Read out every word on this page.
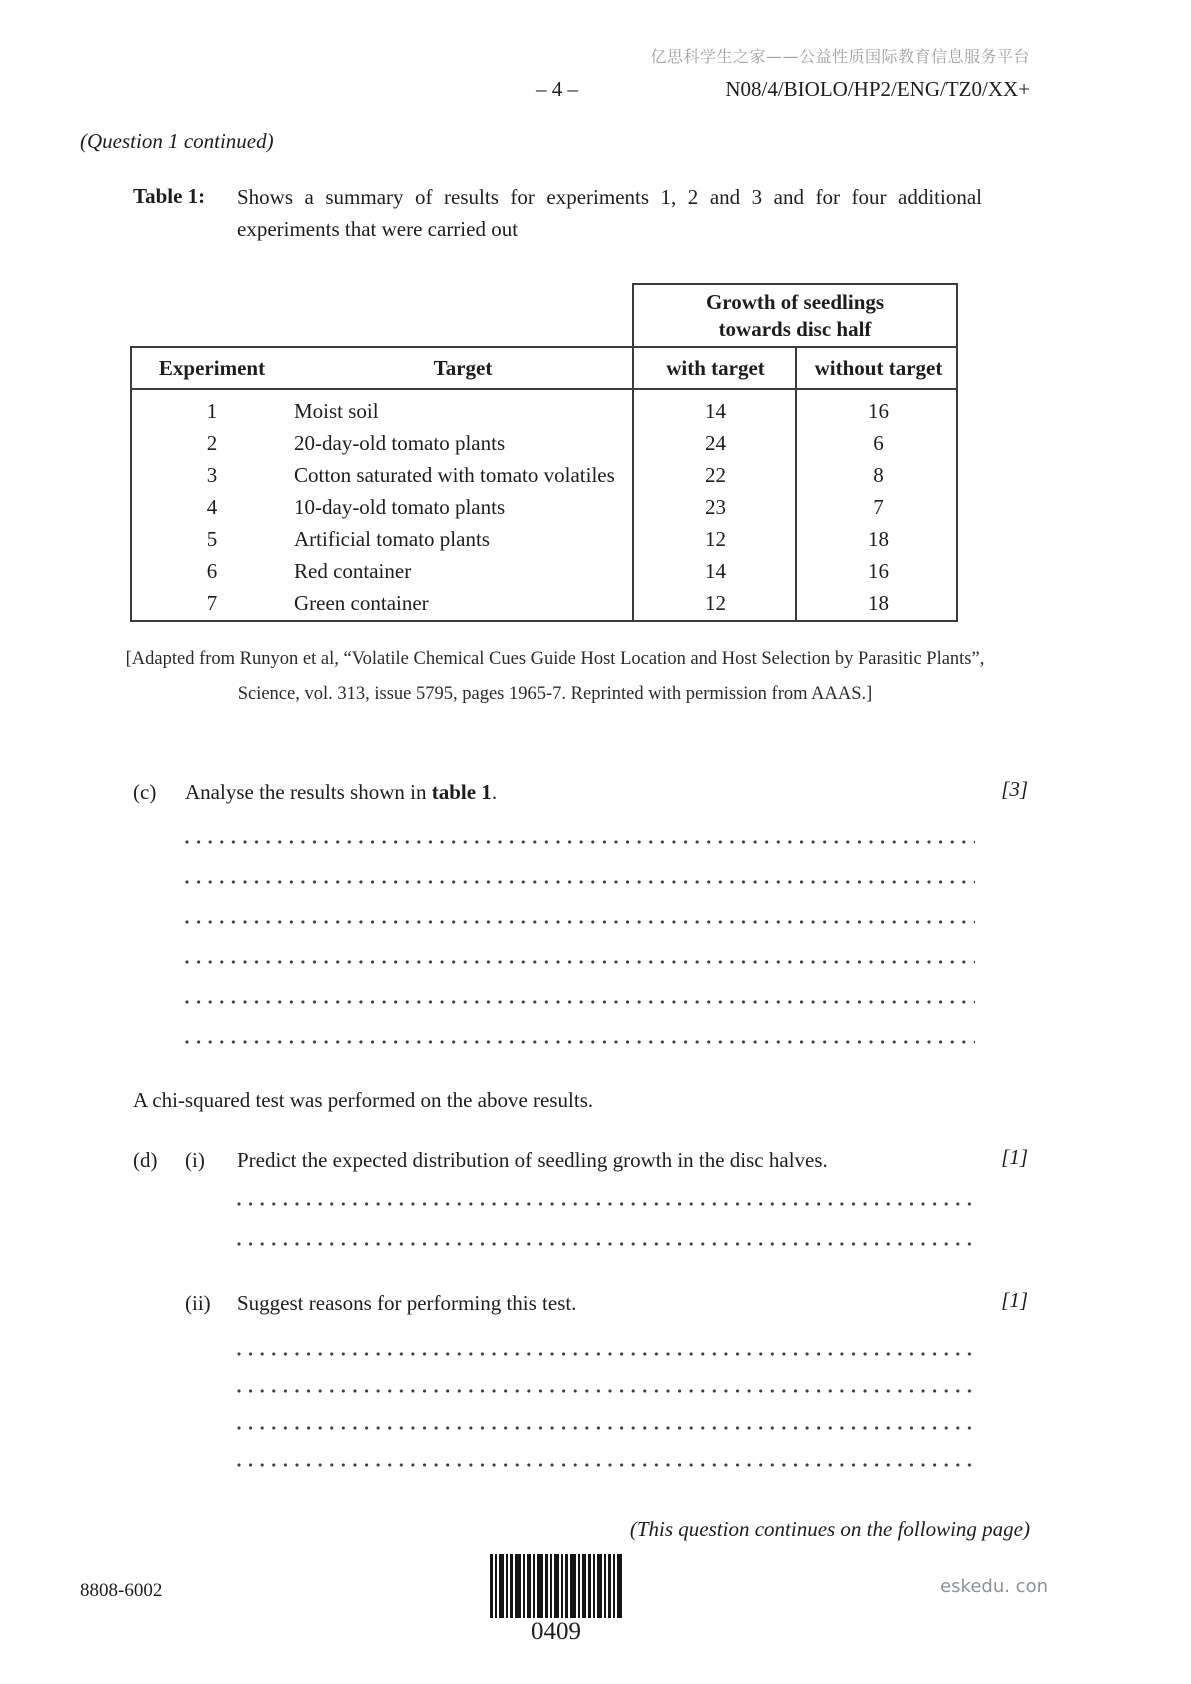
亿思科学生之家——公益性质国际教育信息服务平台
– 4 –	N08/4/BIOLO/HP2/ENG/TZ0/XX+
(Question 1 continued)
Table 1: Shows a summary of results for experiments 1, 2 and 3 and for four additional experiments that were carried out
Growth of seedlings
towards disc half
Experiment	Target	with target	without target
1	Moist soil	14	16
2	20-day-old tomato plants	24	6
3	Cotton saturated with tomato volatiles	22	8
4	10-day-old tomato plants	23	7
5	Artificial tomato plants	12	18
6	Red container	14	16
7	Green container	12	18
[Adapted from Runyon et al, “Volatile Chemical Cues Guide Host Location and Host Selection by Parasitic Plants”,
Science, vol. 313, issue 5795, pages 1965-7. Reprinted with permission from AAAS.]
(c) Analyse the results shown in table 1.	[3]
A chi-squared test was performed on the above results.
(d) (i) Predict the expected distribution of seedling growth in the disc halves.	[1]
(ii) Suggest reasons for performing this test.	[1]
(This question continues on the following page)
8808-6002
0409
eskedu. con
